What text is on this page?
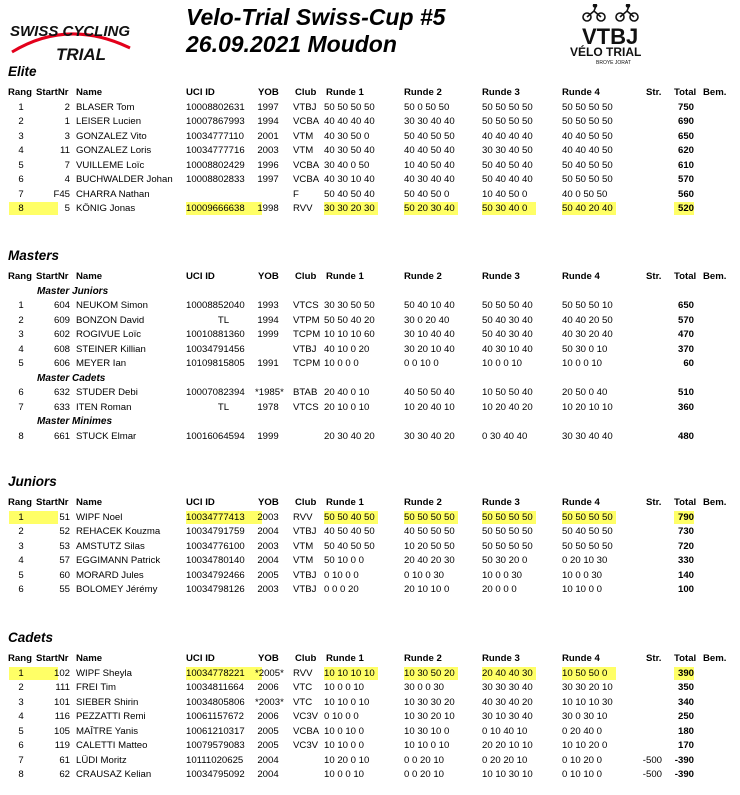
SWISS CYCLING
TRIAL
Velo-Trial Swiss-Cup #5
26.09.2021 Moudon	VTBJ
VÉLO TRIAL
BROYE JORAT
Elite
Rang StartNr Name	UCI ID	YOB Club Runde 1	Runde 2	Runde 3	Runde 4	Str. Total Bem.
1	2 BLASER Tom	10008802631	1997 VTBJ 50 50 50 50	50 0 50 50	50 50 50 50	50 50 50 50	750
2	1 LEISER Lucien	10007867993	1994 VCBA 40 40 40 40	30 30 40 40	50 50 50 50	50 50 50 50	690
3	3 GONZALEZ Vito	10034777110	2001 VTM 40 30 50 0	50 40 50 50	40 40 40 40	40 40 50 50	650
4	11 GONZALEZ Loris	10034777716	2003 VTM 40 30 50 40	40 40 50 40	30 30 40 50	40 40 40 50	620
5	7 VUILLEME Loïc	10008802429	1996 VCBA 30 40 0 50	10 40 50 40	50 40 50 40	50 40 50 50	610
6	4 BUCHWALDER Johan 10008802833	1997 VCBA 40 30 10 40	40 30 40 40	50 40 40 40	50 50 50 50	570
7	F45 CHARRA Nathan	F	50 40 50 40	50 40 50 0	10 40 50 0	40 0 50 50	560
8	5 KÖNIG Jonas	10009666638	1998 RVV 30 30 20 30	50 20 30 40	50 30 40 0	50 40 20 40	520
Masters
Rang StartNr Name	UCI ID	YOB Club Runde 1	Runde 2	Runde 3	Runde 4	Str. Total Bem.
Master Juniors
1	604 NEUKOM Simon	10008852040	1993 VTCS 30 30 50 50	50 40 10 40	50 50 50 40	50 50 50 10	650
2	609 BONZON David	TL	1994 VTPM 50 50 40 20	30 0 20 40	50 40 30 40	40 40 20 50	570
3	602 ROGIVUE Loïc	10010881360	1999 TCPM 10 10 10 60	30 10 40 40	50 40 30 40	40 30 20 40	470
4	608 STEINER Killian	10034791456	VTBJ 40 10 0 20	30 20 10 40	40 30 10 40	50 30 0 10	370
5	606 MEYER Ian	10109815805	1991 TCPM 10 0 0 0	0 0 10 0	10 0 0 10	10 0 0 10	60
Master Cadets
6	632 STUDER Debi	10007082394	*1985* BTAB 20 40 0 10	40 50 50 40	10 50 50 40	20 50 0 40	510
7	633 ITEN Roman	TL	1978 VTCS 20 10 0 10	10 20 40 10	10 20 40 20	10 20 10 10	360
Master Minimes
8	661 STUCK Elmar	10016064594	1999	20 30 40 20	30 30 40 20	0 30 40 40	30 30 40 40	480
Juniors
Rang StartNr Name	UCI ID	YOB Club Runde 1	Runde 2	Runde 3	Runde 4	Str. Total Bem.
1	51 WIPF Noel	10034777413	2003 RVV 50 50 40 50	50 50 50 50	50 50 50 50	50 50 50 50	790
2	52 REHACEK Kouzma	10034791759	2004 VTBJ 40 50 40 50	40 50 50 50	50 50 50 50	50 40 50 50	730
3	53 AMSTUTZ Silas	10034776100	2003 VTM 50 40 50 50	10 20 50 50	50 50 50 50	50 50 50 50	720
4	57 EGGIMANN Patrick	10034780140	2004 VTM 50 10 0 0	20 40 20 30	50 30 20 0	0 20 10 30	330
5	60 MORARD Jules	10034792466	2005 VTBJ 0 10 0 0	0 10 0 30	10 0 0 30	10 0 0 30	140
6	55 BOLOMEY Jérémy	10034798126	2003 VTBJ 0 0 0 20	20 10 10 0	20 0 0 0	10 10 0 0	100
Cadets
Rang StartNr Name	UCI ID	YOB Club Runde 1	Runde 2	Runde 3	Runde 4	Str. Total Bem.
1	102 WIPF Sheyla	10034778221	*2005* RVV 10 10 10 10	10 30 50 20	20 40 40 30	10 50 50 0	390
2	111 FREI Tim	10034811664	2006 VTC 10 0 0 10	30 0 0 30	30 30 30 40	30 30 20 10	350
3	101 SIEBER Shirin	10034805806	*2003* VTC 10 10 0 10	10 30 30 20	40 30 40 20	10 10 10 30	340
4	116 PEZZATTI Remi	10061157672	2006 VC3V 0 10 0 0	10 30 20 10	30 10 30 40	30 0 30 10	250
5	105 MAÎTRE Yanis	10061210317	2005 VCBA 10 0 10 0	10 30 10 0	0 10 40 10	0 20 40 0	180
6	119 CALETTI Matteo	10079579083	2005 VC3V 10 10 0 0	10 10 0 10	20 20 10 10	10 10 20 0	170
7	61 LÜDI Moritz	10111020625	2004	10 20 0 10	0 0 20 10	0 20 20 10	0 10 20 0	-500	-390
8	62 CRAUSAZ Kelian	10034795092	2004	10 0 0 10	0 0 20 10	10 10 30 10	0 10 10 0	-500	-390
